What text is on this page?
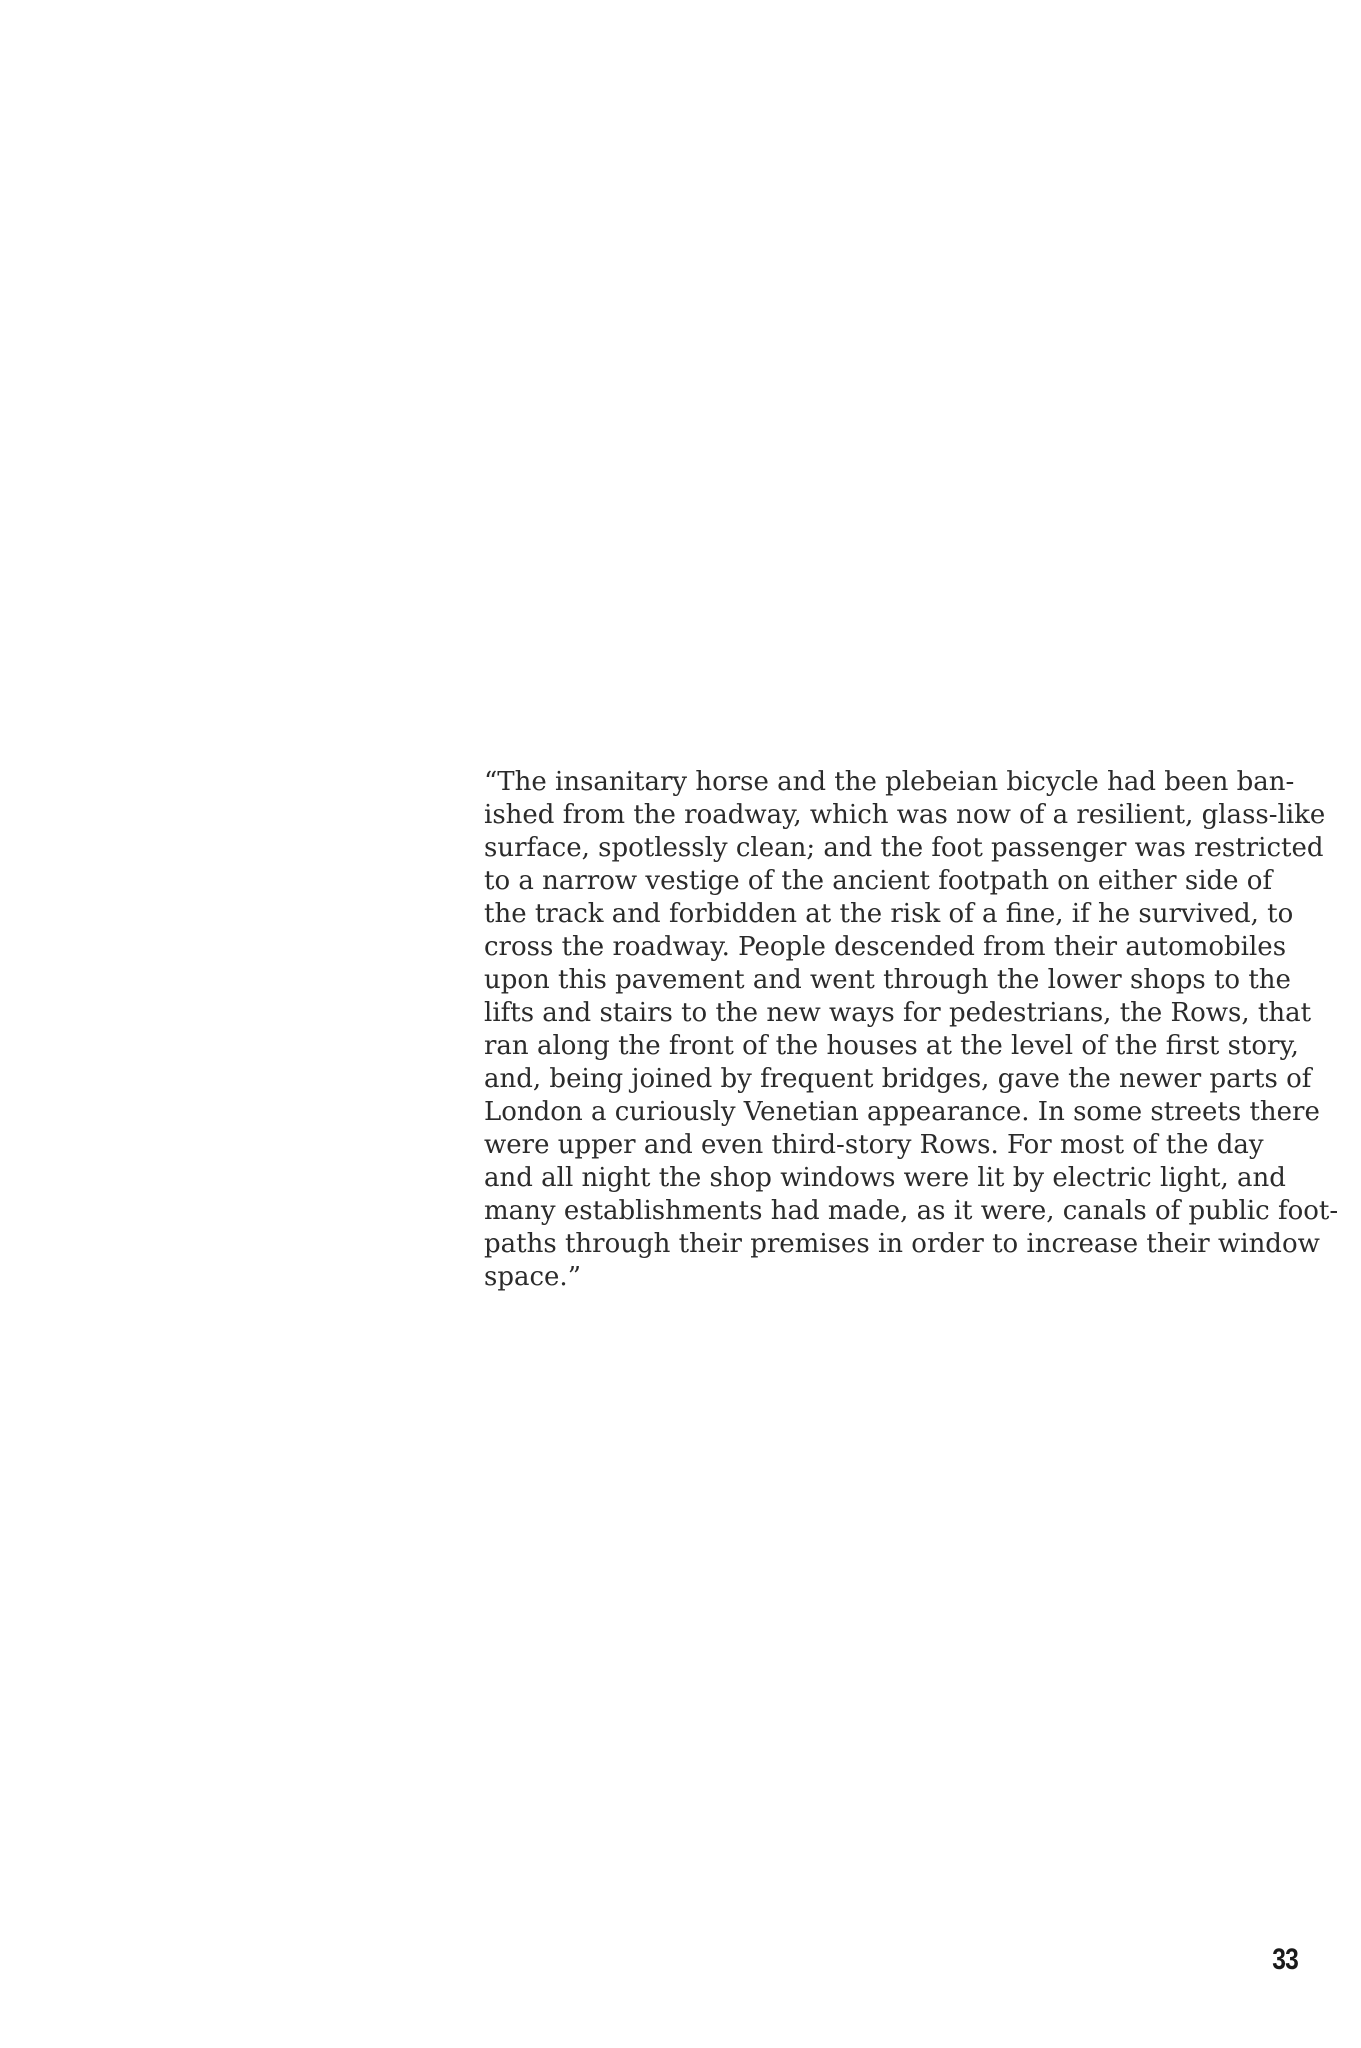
“The insanitary horse and the plebeian bicycle had been ban-
ished from the roadway, which was now of a resilient, glass-like
surface, spotlessly clean; and the foot passenger was restricted
to a narrow vestige of the ancient footpath on either side of
the track and forbidden at the risk of a fine, if he survived, to
cross the roadway. People descended from their automobiles
upon this pavement and went through the lower shops to the
lifts and stairs to the new ways for pedestrians, the Rows, that
ran along the front of the houses at the level of the first story,
and, being joined by frequent bridges, gave the newer parts of
London a curiously Venetian appearance. In some streets there
were upper and even third-story Rows. For most of the day
and all night the shop windows were lit by electric light, and
many establishments had made, as it were, canals of public foot-
paths through their premises in order to increase their window
space.”

33
